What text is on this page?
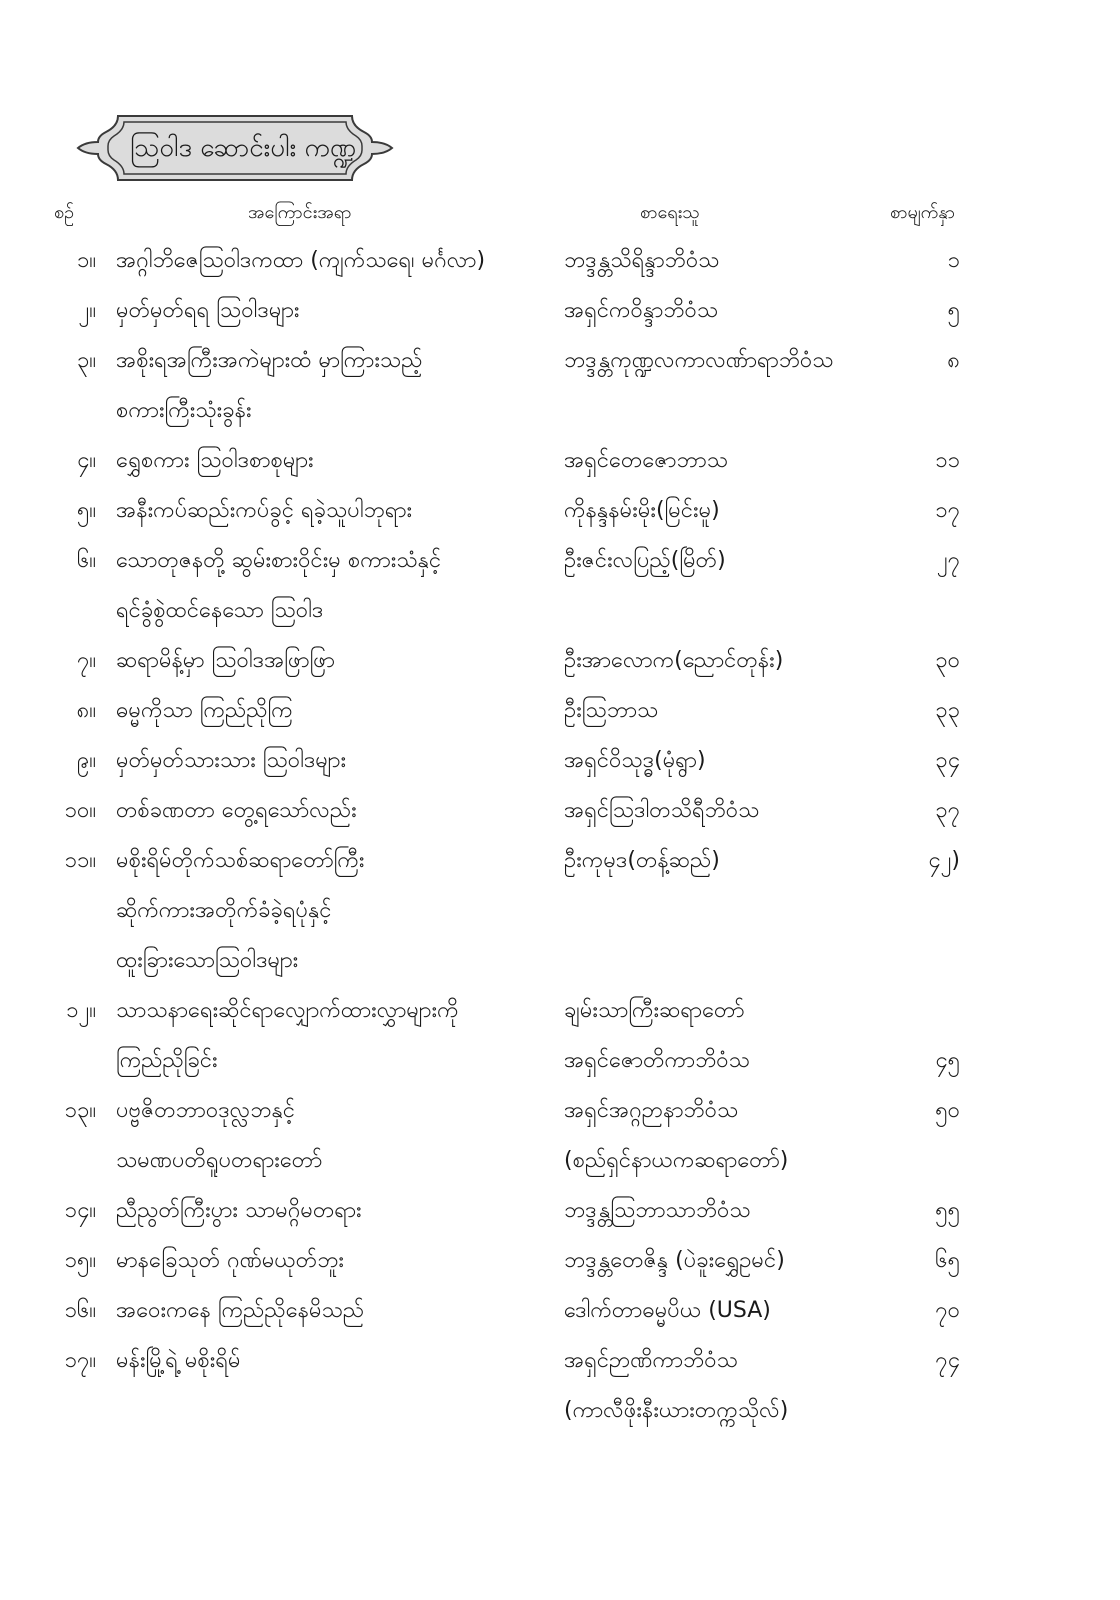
သြဝါဒ ဆောင်းပါး ကဏ္ဍ
စဉ်	အကြောင်းအရာ	စာရေးသူ	စာမျက်နှာ
၁။ အဂ္ဂါဘိဇေသြဝါဒကထာ (ကျက်သရေ၊ မင်္ဂလာ)	ဘဒ္ဒန္တသိရိန္ဒာဘိဝံသ	၁
၂။ မှတ်မှတ်ရရ သြဝါဒများ	အရှင်ကဝိန္ဒာဘိဝံသ	၅
၃။ အစိုးရအကြီးအကဲများထံ မှာကြားသည့်	ဘဒ္ဒန္တကုဏ္ဍလကာလဏ်ာရာဘိဝံသ	၈
စကားကြီးသုံးခွန်း
၄။ ရွှေစကား သြဝါဒစာစုများ	အရှင်တေဇောဘာသ	၁၁
၅။ အနီးကပ်ဆည်းကပ်ခွင့် ရခဲ့သူပါဘုရား	ကိုနန္ဒနမ်းမိုး(မြင်းမူ)	၁၇
၆။ သောတုဇနတို့ ဆွမ်းစားဝိုင်းမှ စကားသံနှင့်	ဦးဇင်းလပြည့်(မြိတ်)	၂၇
ရင်ခွံစွဲထင်နေသော သြဝါဒ
၇။ ဆရာမိန့်မှာ သြဝါဒအဖြာဖြာ	ဦးအာလောက(ညောင်တုန်း)	၃၀
၈။ ဓမ္မကိုသာ ကြည်ညိုကြ	ဦးသြဘာသ	၃၃
၉။ မှတ်မှတ်သားသား သြဝါဒများ	အရှင်ဝိသုဒ္ဓ(မုံရွာ)	၃၄
၁၀။ တစ်ခဏတာ တွေ့ရသော်လည်း	အရှင်သြဒါတသိရီဘိဝံသ	၃၇
၁၁။ မစိုးရိမ်တိုက်သစ်ဆရာတော်ကြီး	ဦးကုမုဒ(တန့်ဆည်)	၄၂)
ဆိုက်ကားအတိုက်ခံခဲ့ရပုံနှင့်
ထူးခြားသောသြဝါဒများ
၁၂။ သာသနာရေးဆိုင်ရာလျှောက်ထားလွှာများကို	ချမ်းသာကြီးဆရာတော်
ကြည်ညိုခြင်း	အရှင်ဇောတိကာဘိဝံသ	၄၅
၁၃။ ပဗ္ဗဇိတဘာဝဒုလ္လဘနှင့်	အရှင်အဂ္ဂဉာနာဘိဝံသ	၅၀
သမဏပတိရူပတရားတော်	(စည်ရှင်နာယကဆရာတော်)
၁၄။ ညီညွတ်ကြီးပွား သာမဂ္ဂိမတရား	ဘဒ္ဒန္တသြဘာသာဘိဝံသ	၅၅
၁၅။ မာနခြေသုတ် ဂုဏ်မယုတ်ဘူး	ဘဒ္ဒန္တတေဇိန္ဒ (ပဲခူးရွှေဥမင်)	၆၅
၁၆။ အဝေးကနေ ကြည်ညိုနေမိသည်	ဒေါက်တာဓမ္မပိယ (USA)	၇၀
၁၇။ မန်းမြို့ရဲ့ မစိုးရိမ်	အရှင်ဉာဏိကာဘိဝံသ	၇၄
(ကာလီဖိုးနီးယားတက္ကသိုလ်)
